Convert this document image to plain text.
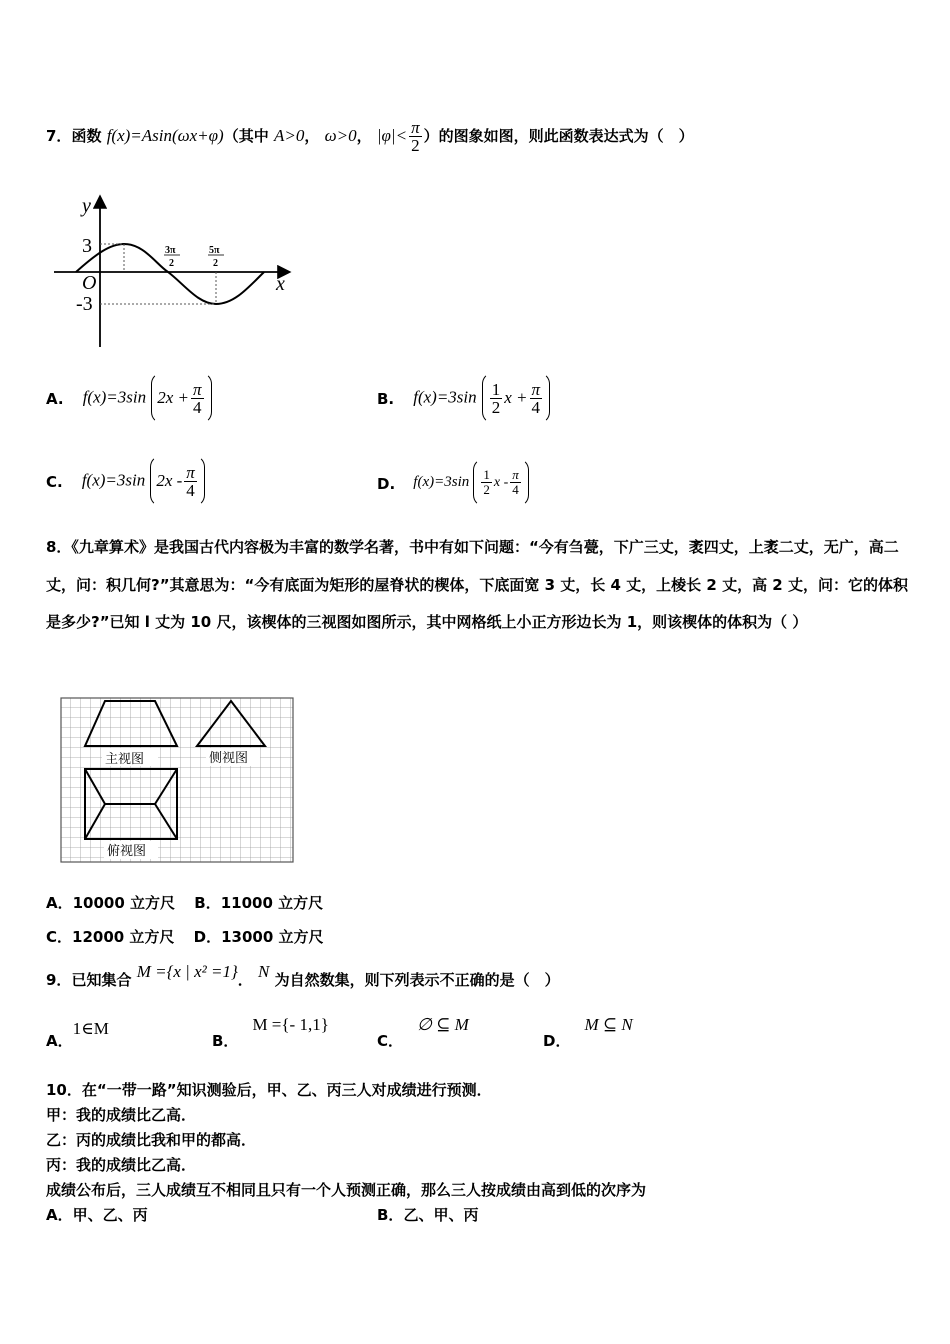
7．函数 f(x)=Asin(ωx+φ)（其中 A>0， ω>0， $|\varphi|< \frac{\pi}{2}$ ）的图象如图，则此函数表达式为（　）
y
x
O
3
-3
3π
2
5π
2
A. f(x)=3sin $2x + \frac{\pi}{4}$	B. $f(x)=3\sin \frac{1}{2}$ $x + \frac{\pi}{4}$
C. f(x)=3sin $2x - \frac{\pi}{4}$	D. $f(x)=3\sin \frac{1}{2}$ x - $\frac{\pi}{4}$
8．《九章算术》是我国古代内容极为丰富的数学名著，书中有如下问题：“今有刍甍，下广三丈，袤四丈，上袤二丈，无广，高二丈，问：积几何?”其意思为：“今有底面为矩形的屋脊状的楔体，下底面宽 3 丈，长 4 丈，上棱长 2 丈，高 2 丈，问：它的体积是多少?”已知 l 丈为 10 尺，该楔体的三视图如图所示，其中网格纸上小正方形边长为 1，则该楔体的体积为（ ）
主视图	侧视图
俯视图
A．10000 立方尺 B．11000 立方尺
C．12000 立方尺 D．13000 立方尺
9．已知集合 M ={x | x² =1}． N 为自然数集，则下列表示不正确的是（　）
A．1∈M
B．M ={- 1,1}
C．∅ ⊆ M
D．M ⊆ N
10．在“一带一路”知识测验后，甲、乙、丙三人对成绩进行预测．
甲：我的成绩比乙高．
乙：丙的成绩比我和甲的都高．
丙：我的成绩比乙高．
成绩公布后，三人成绩互不相同且只有一个人预测正确，那么三人按成绩由高到低的次序为
A．甲、乙、丙	B．乙、甲、丙
